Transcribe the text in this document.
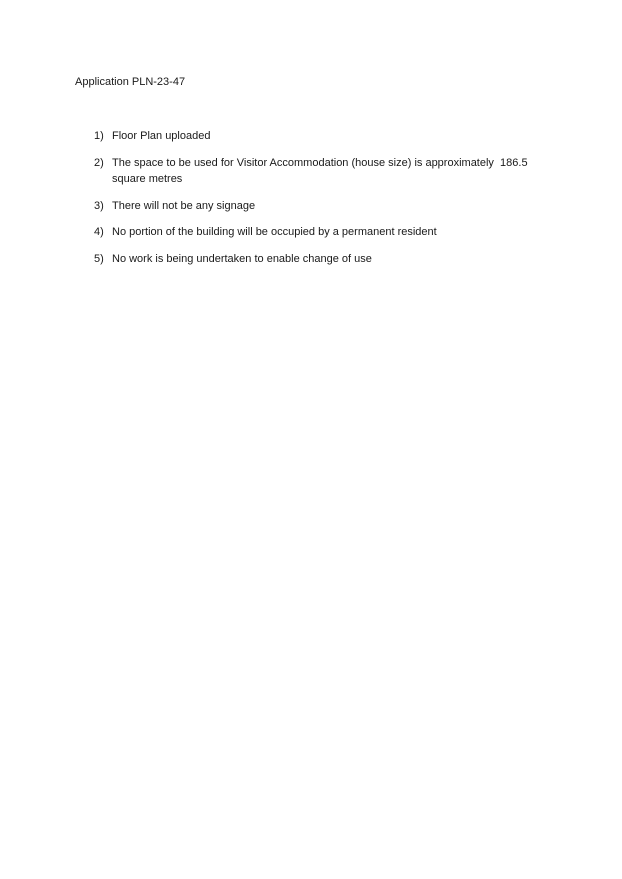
Application PLN-23-47
1) Floor Plan uploaded
2) The space to be used for Visitor Accommodation (house size) is approximately  186.5 square metres
3) There will not be any signage
4) No portion of the building will be occupied by a permanent resident
5) No work is being undertaken to enable change of use
